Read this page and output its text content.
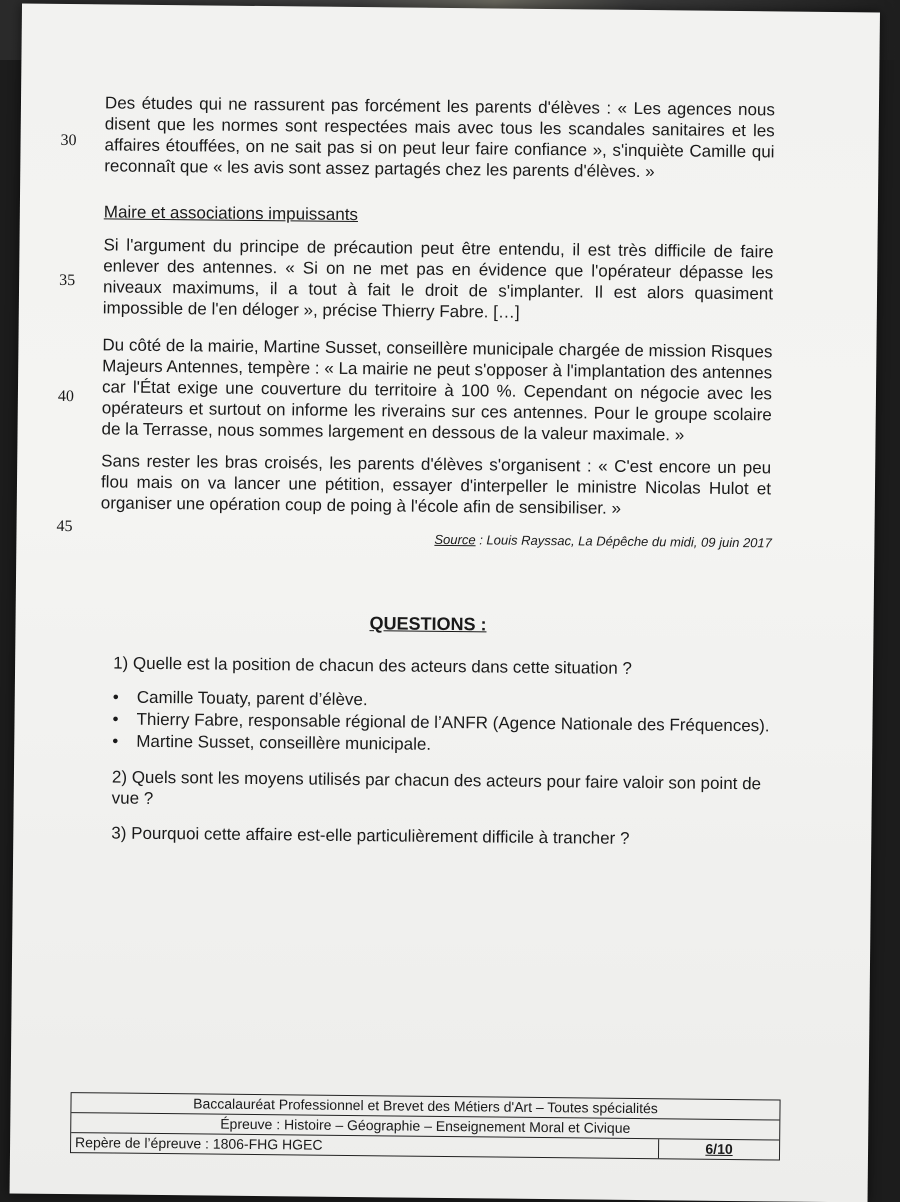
30
35
40
45
Des études qui ne rassurent pas forcément les parents d'élèves : « Les agences nous disent que les normes sont respectées mais avec tous les scandales sanitaires et les affaires étouffées, on ne sait pas si on peut leur faire confiance », s'inquiète Camille qui reconnaît que « les avis sont assez partagés chez les parents d'élèves. »
Maire et associations impuissants
Si l'argument du principe de précaution peut être entendu, il est très difficile de faire enlever des antennes. « Si on ne met pas en évidence que l'opérateur dépasse les niveaux maximums, il a tout à fait le droit de s'implanter. Il est alors quasiment impossible de l'en déloger », précise Thierry Fabre. […]
Du côté de la mairie, Martine Susset, conseillère municipale chargée de mission Risques Majeurs Antennes, tempère : « La mairie ne peut s'opposer à l'implantation des antennes car l'État exige une couverture du territoire à 100 %. Cependant on négocie avec les opérateurs et surtout on informe les riverains sur ces antennes. Pour le groupe scolaire de la Terrasse, nous sommes largement en dessous de la valeur maximale. »
Sans rester les bras croisés, les parents d'élèves s'organisent : « C'est encore un peu flou mais on va lancer une pétition, essayer d'interpeller le ministre Nicolas Hulot et organiser une opération coup de poing à l'école afin de sensibiliser. »
Source : Louis Rayssac, La Dépêche du midi, 09 juin 2017
QUESTIONS :
1) Quelle est la position de chacun des acteurs dans cette situation ?
• Camille Touaty, parent d’élève.
• Thierry Fabre, responsable régional de l’ANFR (Agence Nationale des Fréquences).
• Martine Susset, conseillère municipale.
2) Quels sont les moyens utilisés par chacun des acteurs pour faire valoir son point de vue ?
3) Pourquoi cette affaire est-elle particulièrement difficile à trancher ?
Baccalauréat Professionnel et Brevet des Métiers d'Art – Toutes spécialités
Épreuve : Histoire – Géographie – Enseignement Moral et Civique
Repère de l’épreuve : 1806-FHG HGEC	6/10
